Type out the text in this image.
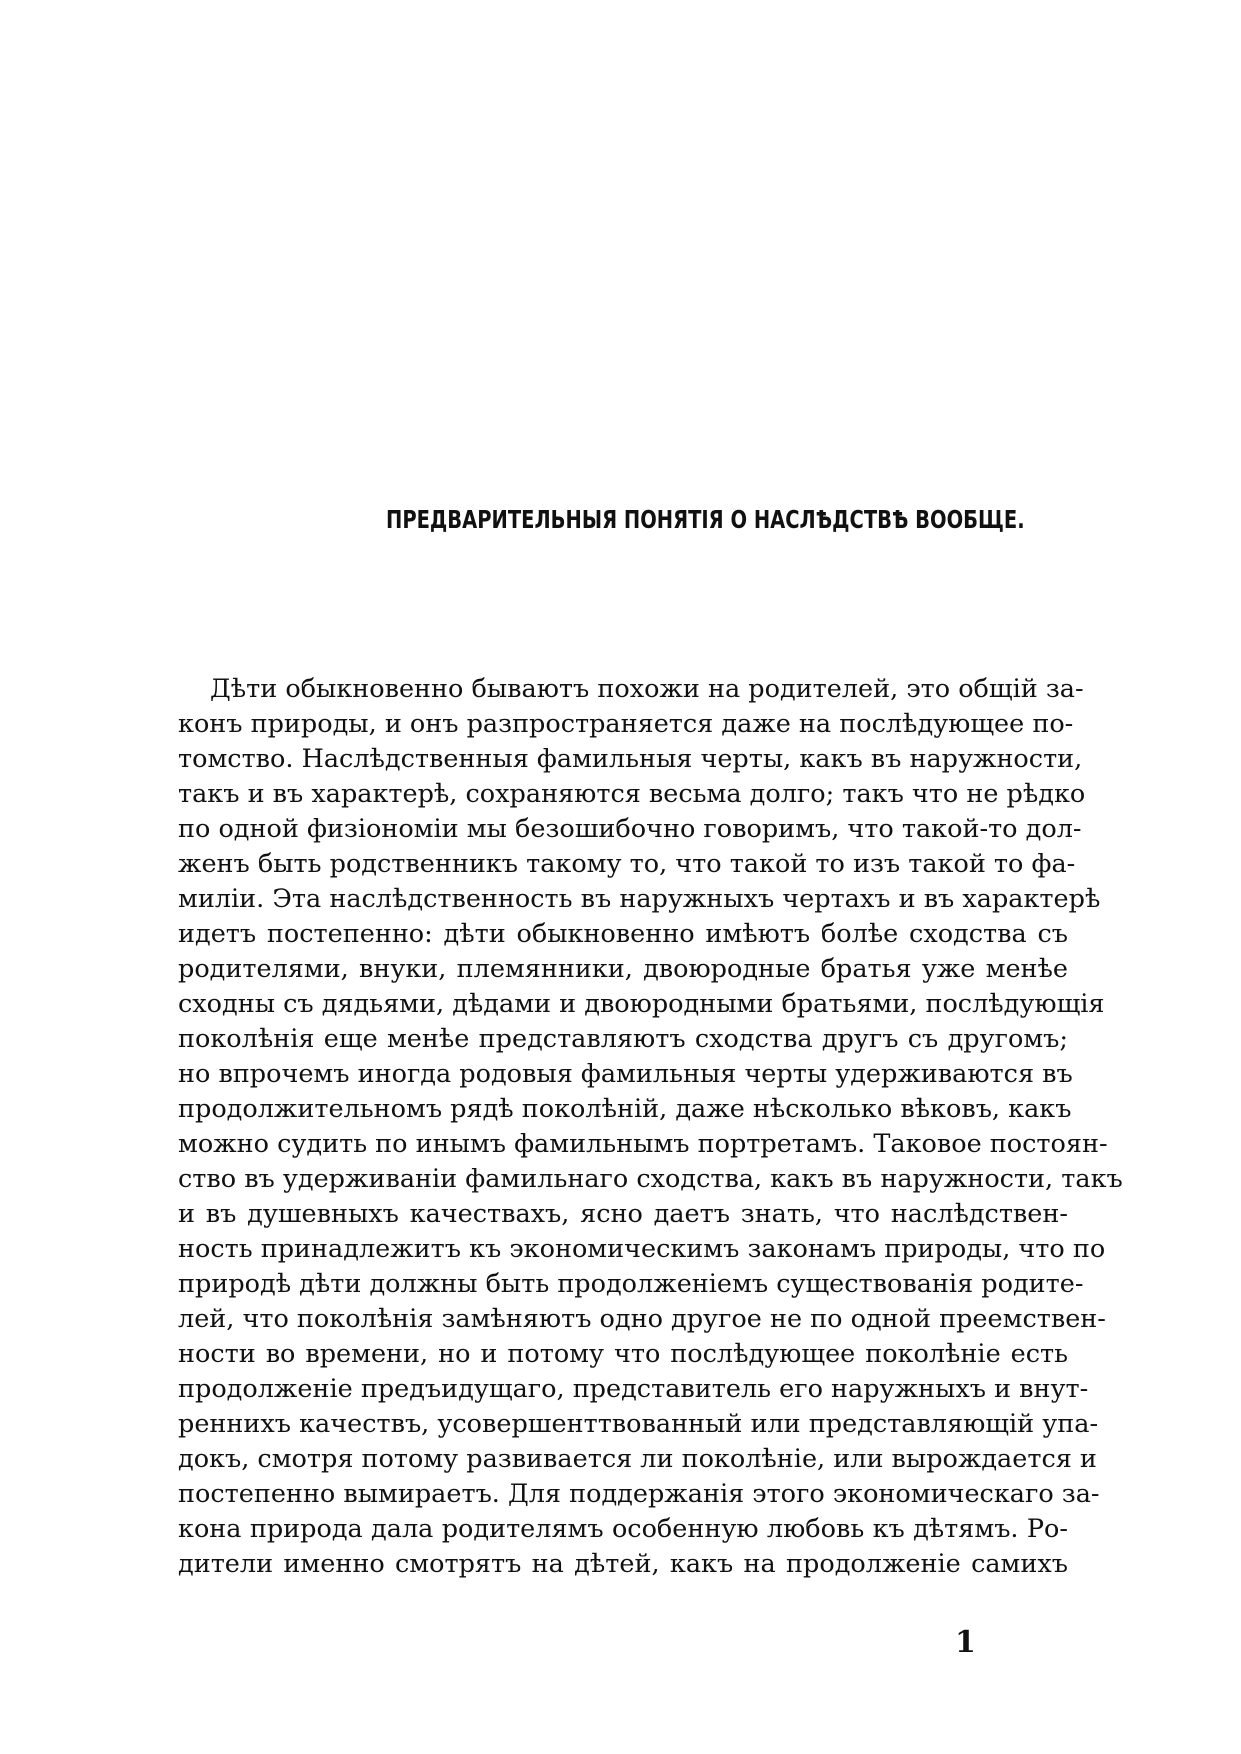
ПРЕДВАРИТЕЛЬНЫЯ ПОНЯТІЯ О НАСЛѢДСТВѢ ВООБЩЕ.
Дѣти обыкновенно бываютъ похожи на родителей, это общій за-
конъ природы, и онъ разпространяется даже на послѣдующее по-
томство. Наслѣдственныя фамильныя черты, какъ въ наружности,
такъ и въ характерѣ, сохраняются весьма долго; такъ что не рѣдко
по одной физіономіи мы безошибочно говоримъ, что такой-то дол-
женъ быть родственникъ такому то, что такой то изъ такой то фа-
миліи. Эта наслѣдственность въ наружныхъ чертахъ и въ характерѣ
идетъ постепенно: дѣти обыкновенно имѣютъ болѣе сходства съ
родителями, внуки, племянники, двоюродные братья уже менѣе
сходны съ дядьями, дѣдами и двоюродными братьями, послѣдующія
поколѣнія еще менѣе представляютъ сходства другъ съ другомъ;
но впрочемъ иногда родовыя фамильныя черты удерживаются въ
продолжительномъ рядѣ поколѣній, даже нѣсколько вѣковъ, какъ
можно судить по инымъ фамильнымъ портретамъ. Таковое постоян-
ство въ удерживаніи фамильнаго сходства, какъ въ наружности, такъ
и въ душевныхъ качествахъ, ясно даетъ знать, что наслѣдствен-
ность принадлежитъ къ экономическимъ законамъ природы, что по
природѣ дѣти должны быть продолженіемъ существованія родите-
лей, что поколѣнія замѣняютъ одно другое не по одной преемствен-
ности во времени, но и потому что послѣдующее поколѣніе есть
продолженіе предъидущаго, представитель его наружныхъ и внут-
реннихъ качествъ, усовершенттвованный или представляющій упа-
докъ, смотря потому развивается ли поколѣніе, или вырождается и
постепенно вымираетъ. Для поддержанія этого экономическаго за-
кона природа дала родителямъ особенную любовь къ дѣтямъ. Ро-
дители именно смотрятъ на дѣтей, какъ на продолженіе самихъ
1
